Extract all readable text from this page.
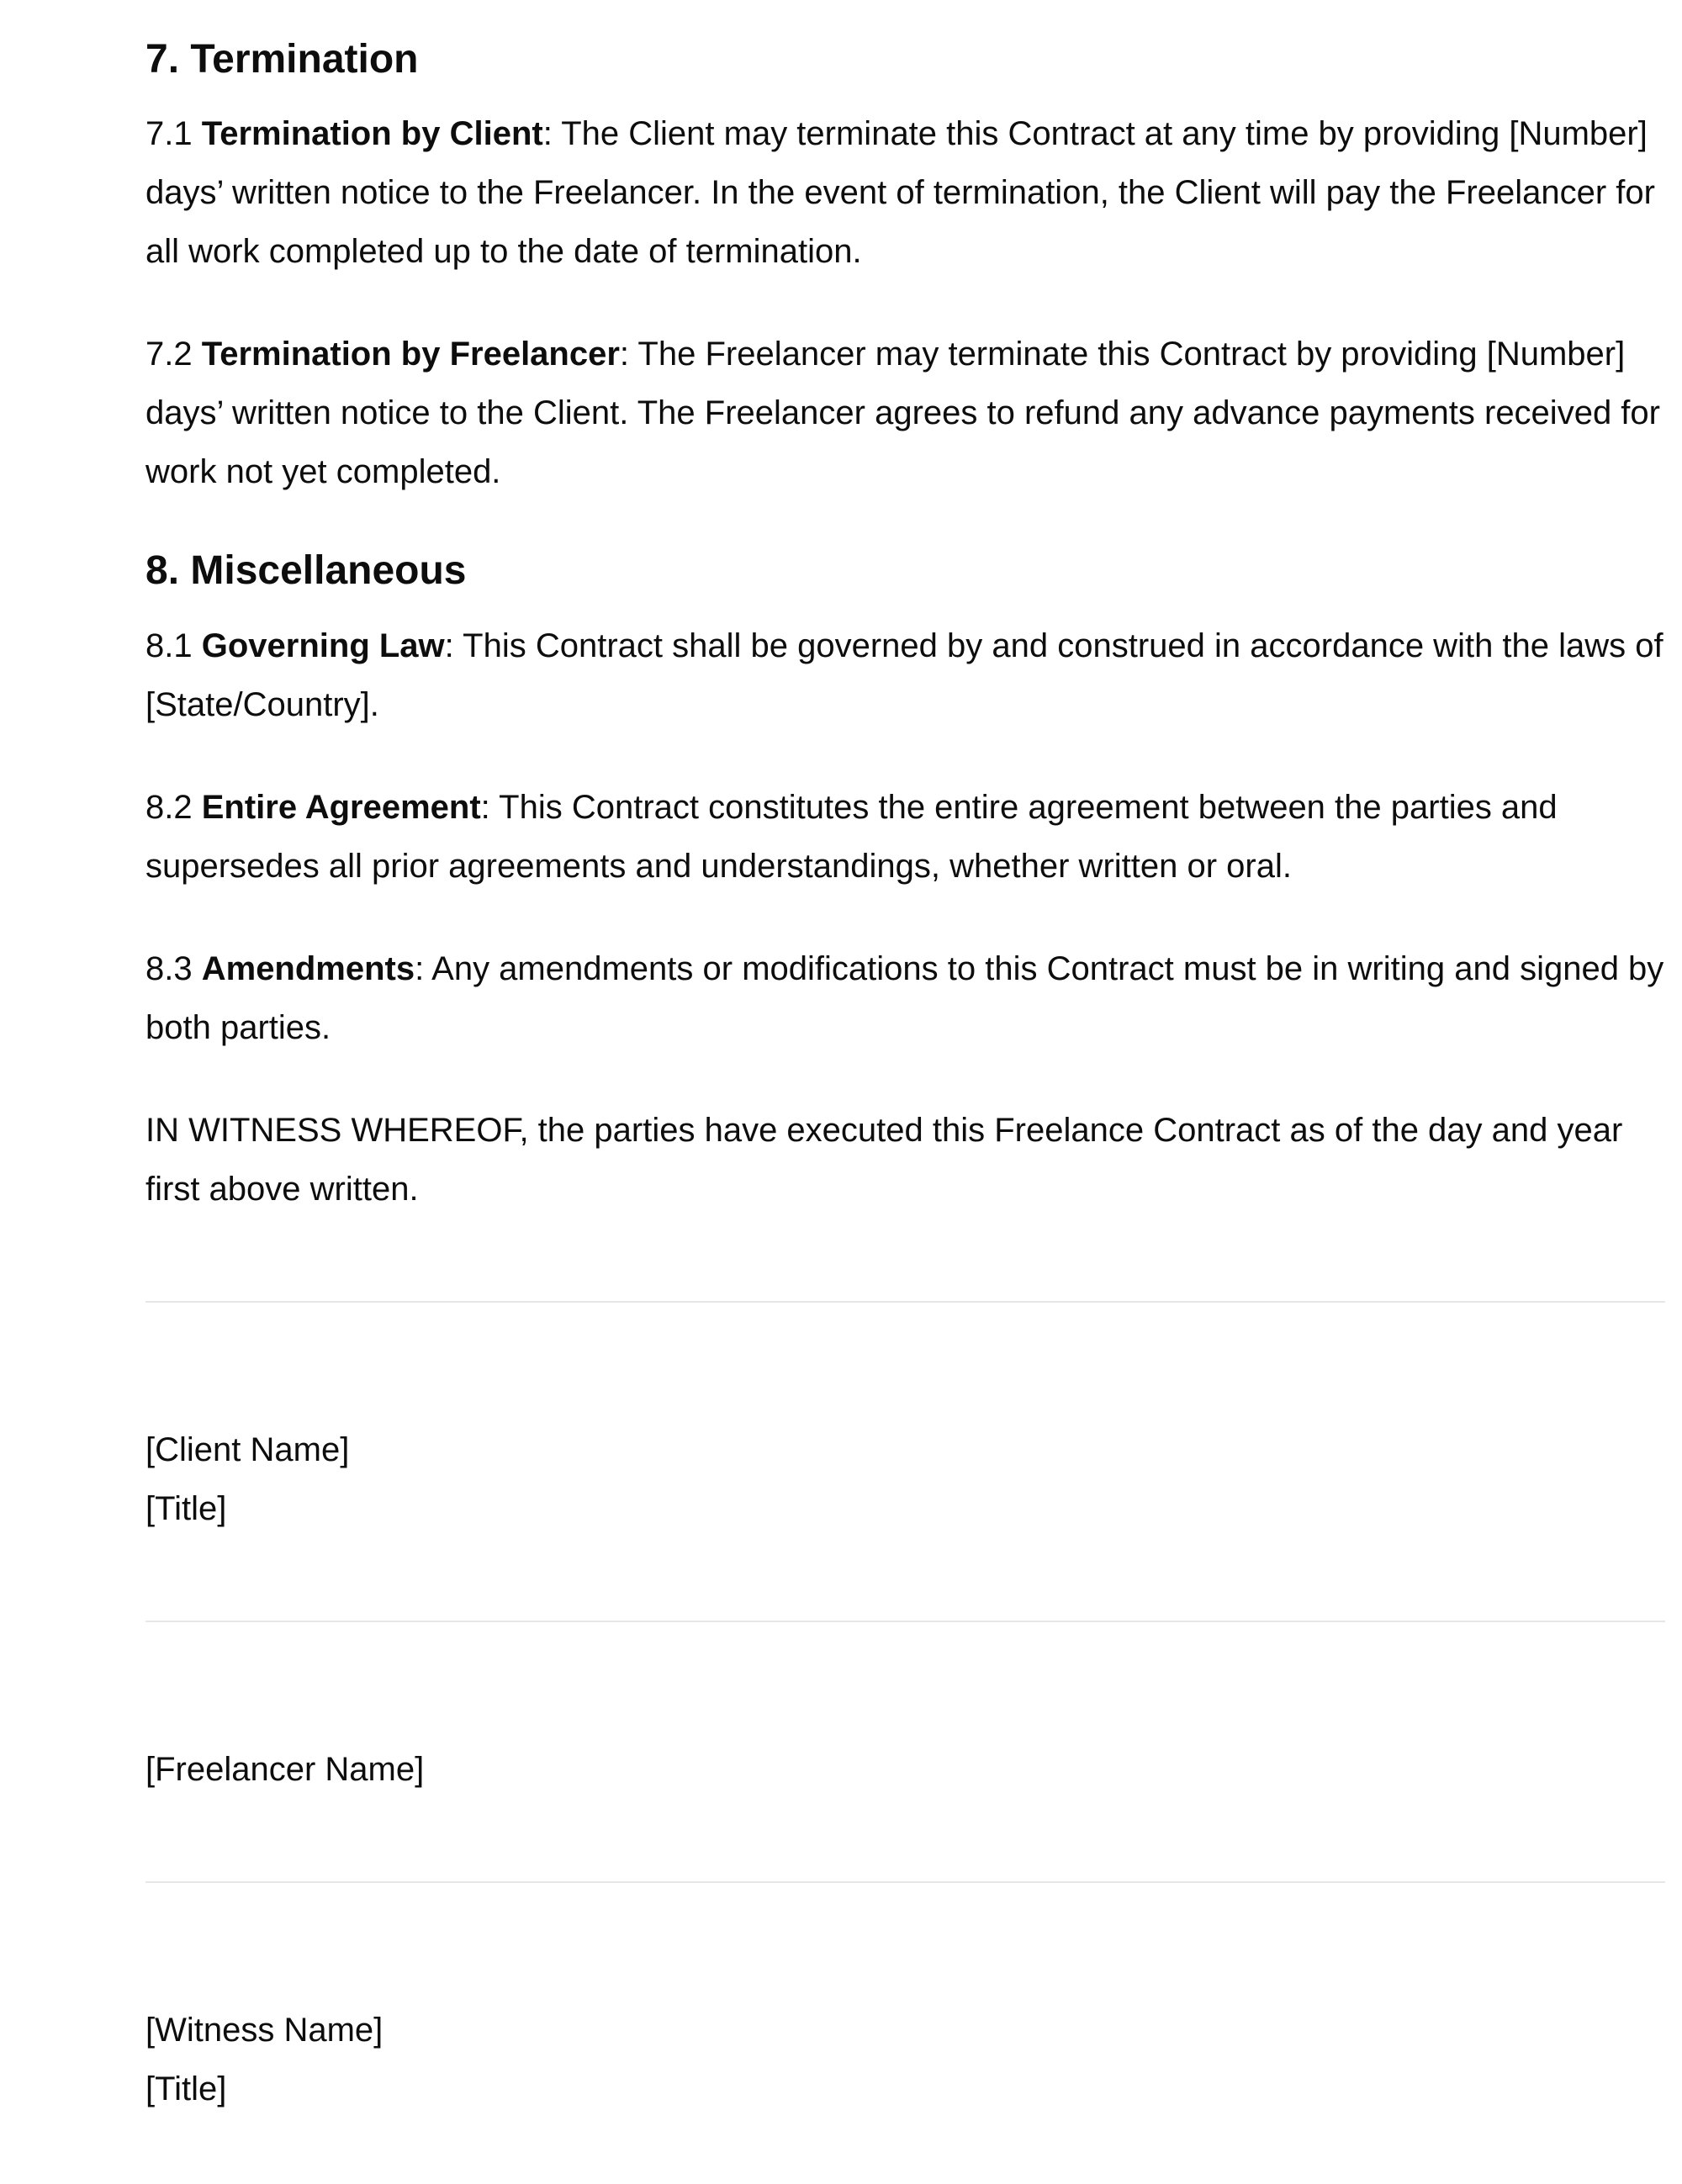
7. Termination

7.1 Termination by Client: The Client may terminate this Contract at any time by providing [Number] days’ written notice to the Freelancer. In the event of termination, the Client will pay the Freelancer for all work completed up to the date of termination.

7.2 Termination by Freelancer: The Freelancer may terminate this Contract by providing [Number] days’ written notice to the Client. The Freelancer agrees to refund any advance payments received for work not yet completed.

8. Miscellaneous

8.1 Governing Law: This Contract shall be governed by and construed in accordance with the laws of [State/Country].

8.2 Entire Agreement: This Contract constitutes the entire agreement between the parties and supersedes all prior agreements and understandings, whether written or oral.

8.3 Amendments: Any amendments or modifications to this Contract must be in writing and signed by both parties.

IN WITNESS WHEREOF, the parties have executed this Freelance Contract as of the day and year first above written.

[Client Name]

[Title]

[Freelancer Name]

[Witness Name]

[Title]
